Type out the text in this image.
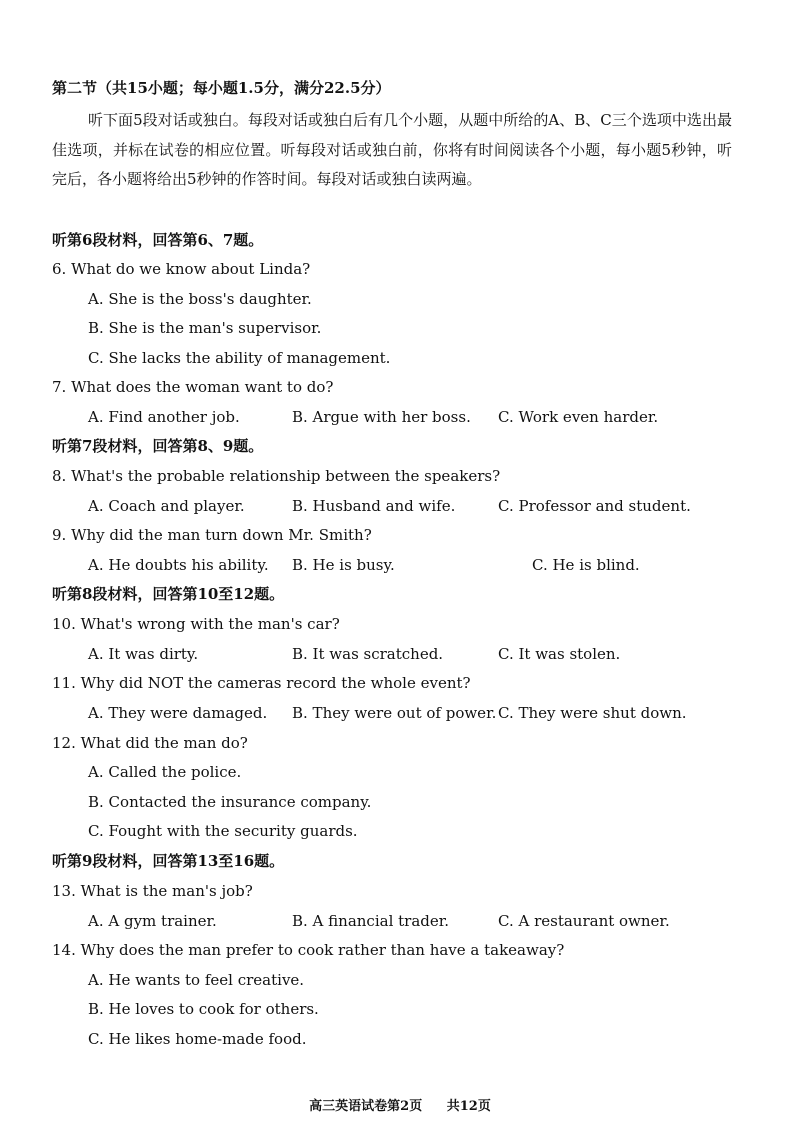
第二节（共15小题；每小题1.5分，满分22.5分）
听下面5段对话或独白。每段对话或独白后有几个小题，从题中所给的A、B、C三个选项中选出最佳选项，并标在试卷的相应位置。听每段对话或独白前，你将有时间阅读各个小题，每小题5秒钟，听完后，各小题将给出5秒钟的作答时间。每段对话或独白读两遍。
听第6段材料，回答第6、7题。
6. What do we know about Linda?
A. She is the boss's daughter.
B. She is the man's supervisor.
C. She lacks the ability of management.
7. What does the woman want to do?
A. Find another job.	B. Argue with her boss. C. Work even harder.
听第7段材料，回答第8、9题。
8. What's the probable relationship between the speakers?
A. Coach and player.	B. Husband and wife.	C. Professor and student.
9. Why did the man turn down Mr. Smith?
A. He doubts his ability. B. He is busy.	C. He is blind.
听第8段材料，回答第10至12题。
10. What's wrong with the man's car?
A. It was dirty.	B. It was scratched.	C. It was stolen.
11. Why did NOT the cameras record the whole event?
A. They were damaged. B. They were out of power. C. They were shut down.
12. What did the man do?
A. Called the police.
B. Contacted the insurance company.
C. Fought with the security guards.
听第9段材料，回答第13至16题。
13. What is the man's job?
A. A gym trainer.	B. A financial trader.	C. A restaurant owner.
14. Why does the man prefer to cook rather than have a takeaway?
A. He wants to feel creative.
B. He loves to cook for others.
C. He likes home-made food.
高三英语试卷第2页 共12页
